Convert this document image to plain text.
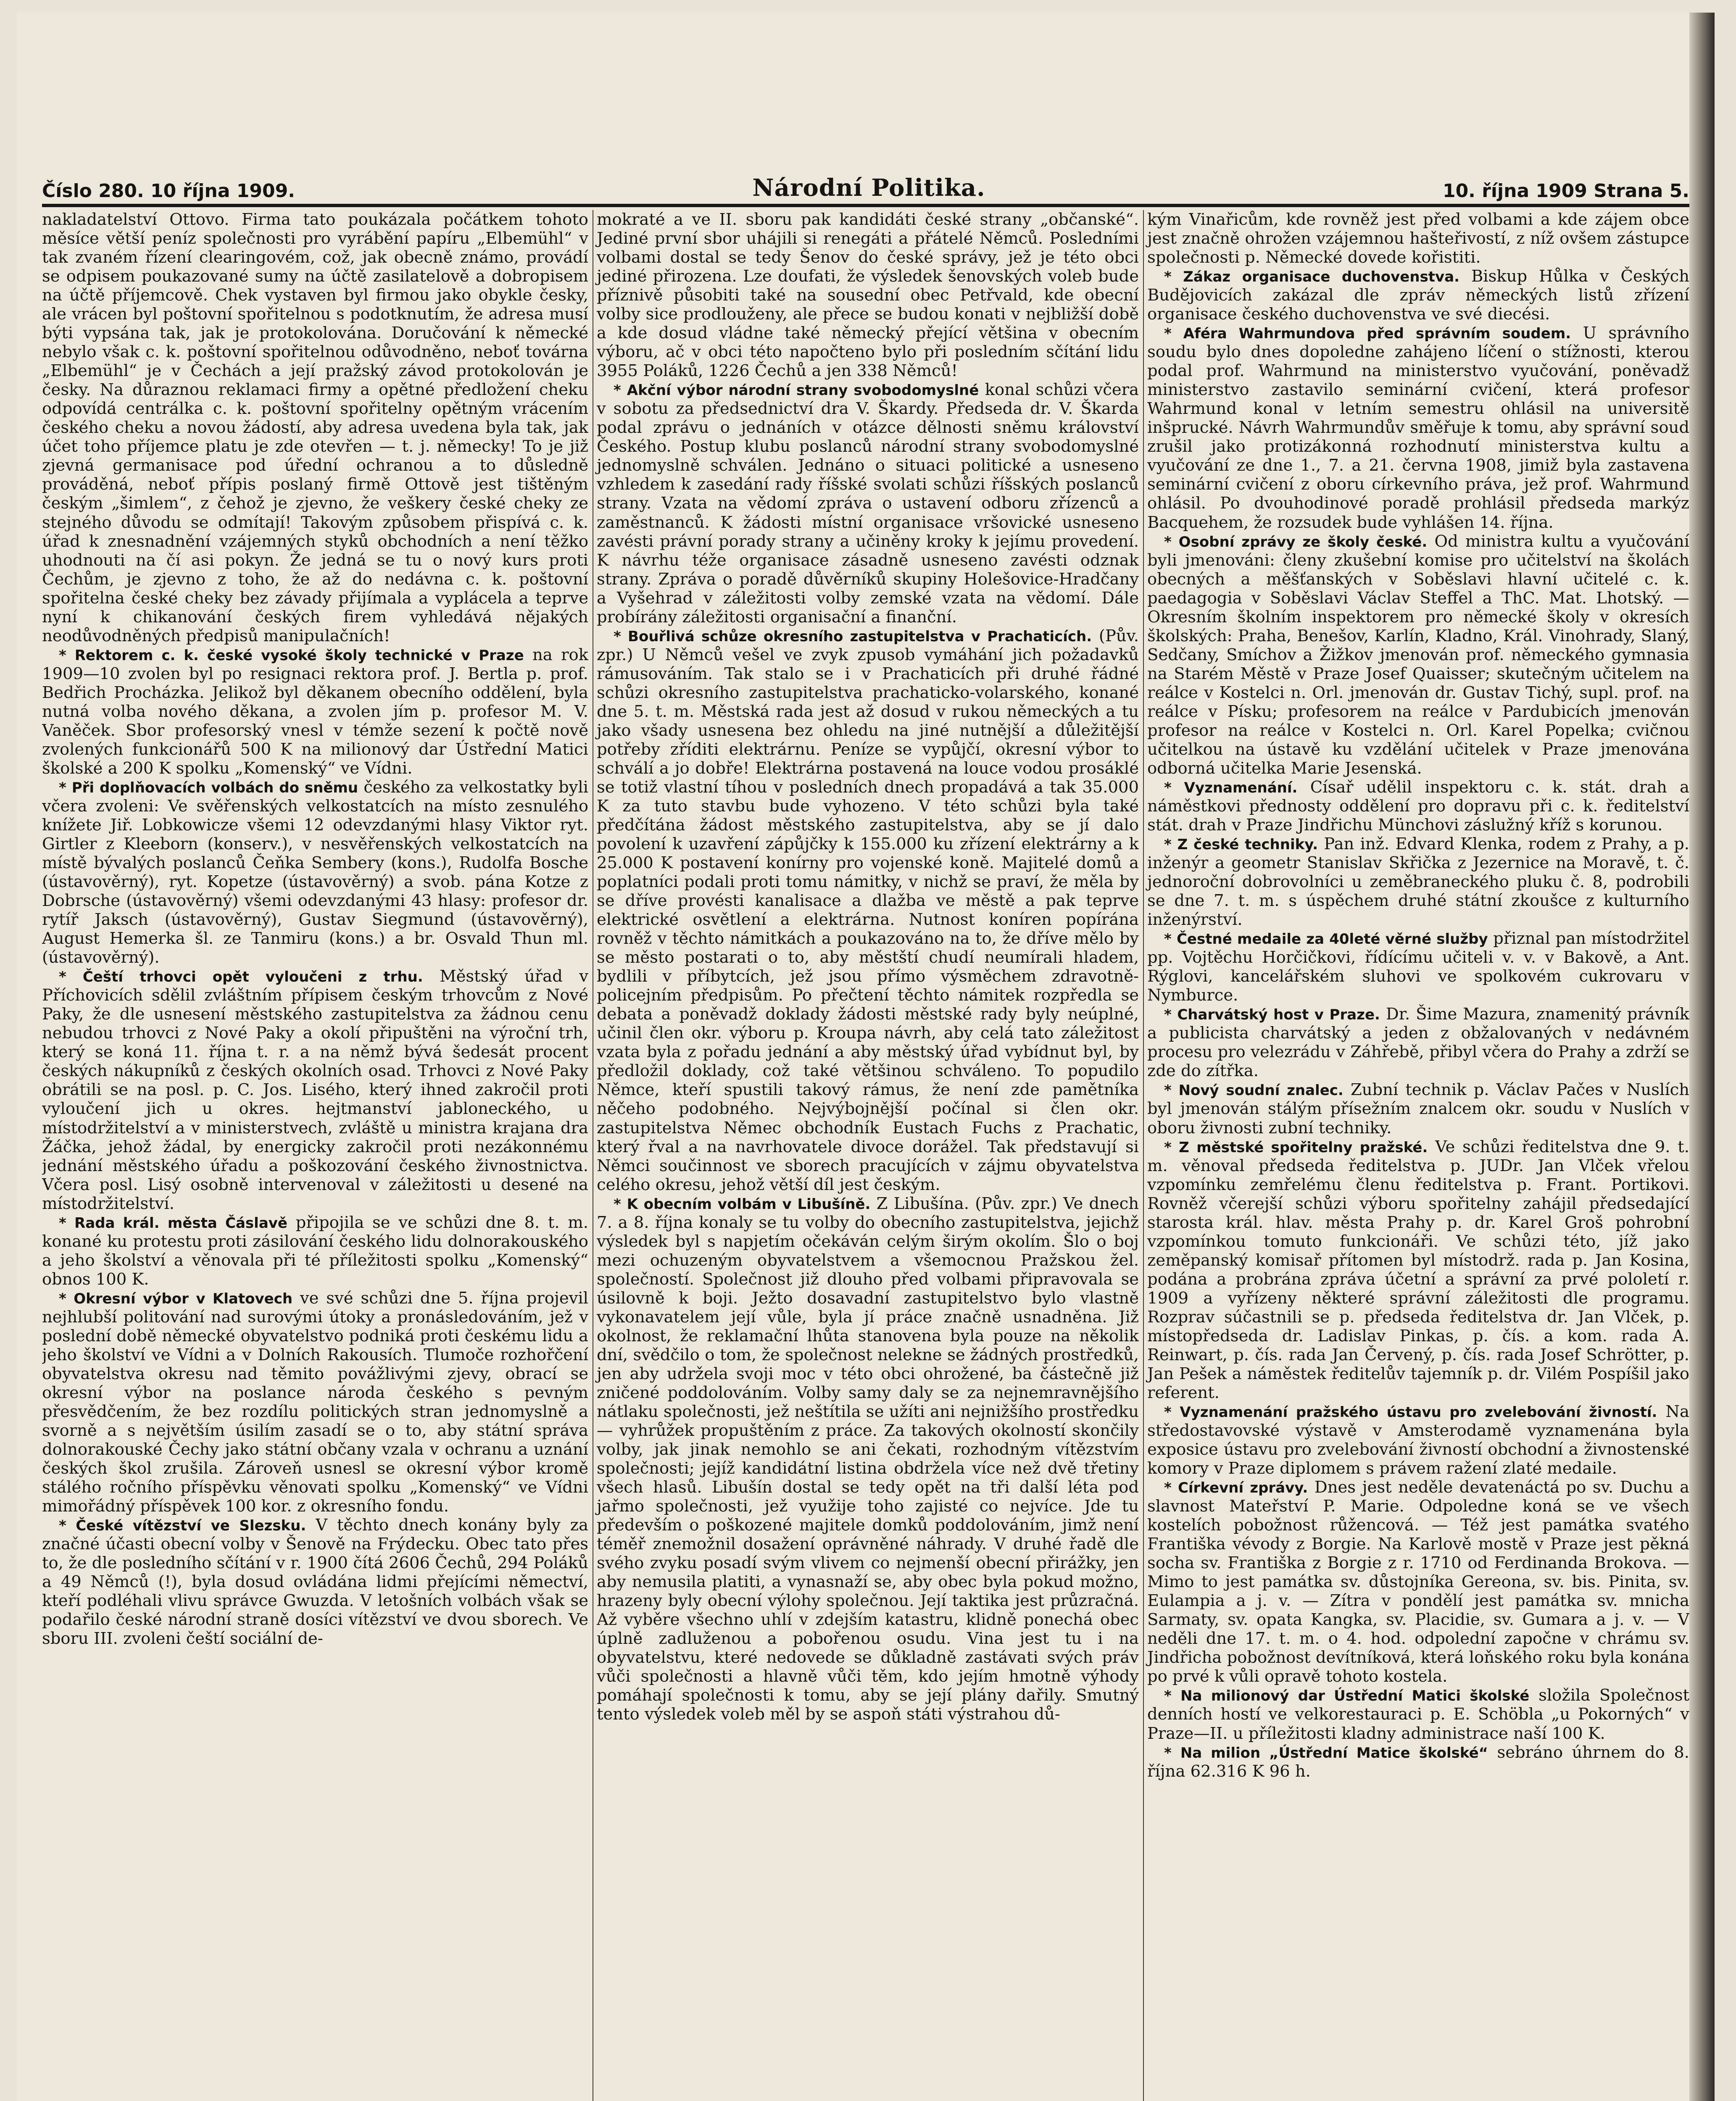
Číslo 280. 10 října 1909.	Národní Politika.	10. října 1909 Strana 5.

nakladatelství Ottovo. Firma tato poukázala počátkem tohoto měsíce větší peníz společnosti pro vyrábění papíru „Elbemühl“ v tak zvaném řízení clearingovém, což, jak obecně známo, provádí se odpisem poukazované sumy na účtě zasilatelově a dobropisem na účtě příjemcově. Chek vystaven byl firmou jako obykle česky, ale vrácen byl poštovní spořitelnou s podotknutím, že adresa musí býti vypsána tak, jak je protokolována. Doručování k německé nebylo však c. k. poštovní spořitelnou odůvodněno, neboť továrna „Elbemühl“ je v Čechách a její pražský závod protokolován je česky. Na důraznou reklamaci firmy a opětné předložení cheku odpovídá centrálka c. k. poštovní spořitelny opětným vrácením českého cheku a novou žádostí, aby adresa uvedena byla tak, jak účet toho příjemce platu je zde otevřen — t. j. německy! To je již zjevná germanisace pod úřední ochranou a to důsledně prováděná, neboť přípis poslaný firmě Ottově jest tištěným českým „šimlem“, z čehož je zjevno, že veškery české cheky ze stejného důvodu se odmítají! Takovým způsobem přispívá c. k. úřad k znesnadnění vzájemných styků obchodních a není těžko uhodnouti na čí asi pokyn. Že jedná se tu o nový kurs proti Čechům, je zjevno z toho, že až do nedávna c. k. poštovní spořitelna české cheky bez závady přijímala a vyplácela a teprve nyní k chikanování českých firem vyhledává nějakých neodůvodněných předpisů manipulačních!

* Rektorem c. k. české vysoké školy technické v Praze na rok 1909—10 zvolen byl po resignaci rektora prof. J. Bertla p. prof. Bedřich Procházka. Jelikož byl děkanem obecního oddělení, byla nutná volba nového děkana, a zvolen jím p. profesor M. V. Vaněček. Sbor profesorský vnesl v témže sezení k počtě nově zvolených funkcionářů 500 K na milionový dar Ústřední Matici školské a 200 K spolku „Komenský“ ve Vídni.

* Při doplňovacích volbách do sněmu českého za velkostatky byli včera zvoleni: Ve svěřenských velkostatcích na místo zesnulého knížete Jiř. Lobkowicze všemi 12 odevzdanými hlasy Viktor ryt. Girtler z Kleeborn (konserv.), v nesvěřenských velkostatcích na místě bývalých poslanců Čeňka Sembery (kons.), Rudolfa Bosche (ústavověrný), ryt. Kopetze (ústavověrný) a svob. pána Kotze z Dobrsche (ústavověrný) všemi odevzdanými 43 hlasy: profesor dr. rytíř Jaksch (ústavověrný), Gustav Siegmund (ústavověrný), August Hemerka šl. ze Tanmiru (kons.) a br. Osvald Thun ml. (ústavověrný).

* Čeští trhovci opět vyloučeni z trhu. Městský úřad v Příchovicích sdělil zvláštním přípisem českým trhovcům z Nové Paky, že dle usnesení městského zastupitelstva za žádnou cenu nebudou trhovci z Nové Paky a okolí připuštěni na výroční trh, který se koná 11. října t. r. a na němž bývá šedesát procent českých nákupníků z českých okolních osad. Trhovci z Nové Paky obrátili se na posl. p. C. Jos. Lisého, který ihned zakročil proti vyloučení jich u okres. hejtmanství jabloneckého, u místodržitelství a v ministerstvech, zvláště u ministra krajana dra Žáčka, jehož žádal, by energicky zakročil proti nezákonnému jednání městského úřadu a poškozování českého živnostnictva. Včera posl. Lisý osobně intervenoval v záležitosti u desené na místodržitelství.

* Rada král. města Čáslavě připojila se ve schůzi dne 8. t. m. konané ku protestu proti zásilování českého lidu dolnorakouského a jeho školství a věnovala při té příležitosti spolku „Komenský“ obnos 100 K.

* Okresní výbor v Klatovech ve své schůzi dne 5. října projevil nejhlubší politování nad surovými útoky a pronásledováním, jež v poslední době německé obyvatelstvo podniká proti českému lidu a jeho školství ve Vídni a v Dolních Rakousích. Tlumoče rozhořčení obyvatelstva okresu nad těmito povážlivými zjevy, obrací se okresní výbor na poslance národa českého s pevným přesvědčením, že bez rozdílu politických stran jednomyslně a svorně a s největším úsilím zasadí se o to, aby státní správa dolnorakouské Čechy jako státní občany vzala v ochranu a uznání českých škol zrušila. Zároveň usnesl se okresní výbor kromě stálého ročního příspěvku věnovati spolku „Komenský“ ve Vídni mimořádný příspěvek 100 kor. z okresního fondu.

* České vítězství ve Slezsku. V těchto dnech konány byly za značné účasti obecní volby v Šenově na Frýdecku. Obec tato přes to, že dle posledního sčítání v r. 1900 čítá 2606 Čechů, 294 Poláků a 49 Němců (!), byla dosud ovládána lidmi přejícími němectví, kteří podléhali vlivu správce Gwuzda. V letošních volbách však se podařilo české národní straně dosíci vítězství ve dvou sborech. Ve sboru III. zvoleni čeští sociální de-

mokraté a ve II. sboru pak kandidáti české strany „občanské“. Jediné první sbor uhájili si renegáti a přátelé Němců. Posledními volbami dostal se tedy Šenov do české správy, jež je této obci jediné přirozena. Lze doufati, že výsledek šenovských voleb bude příznivě působiti také na sousední obec Petřvald, kde obecní volby sice prodlouženy, ale přece se budou konati v nejbližší době a kde dosud vládne také německý přející většina v obecním výboru, ač v obci této napočteno bylo při posledním sčítání lidu 3955 Poláků, 1226 Čechů a jen 338 Němců!

* Akční výbor národní strany svobodomyslné konal schůzi včera v sobotu za předsednictví dra V. Škardy. Předseda dr. V. Škarda podal zprávu o jednáních v otázce dělnosti sněmu království Českého. Postup klubu poslanců národní strany svobodomyslné jednomyslně schválen. Jednáno o situaci politické a usneseno vzhledem k zasedání rady říšské svolati schůzi říšských poslanců strany. Vzata na vědomí zpráva o ustavení odboru zřízenců a zaměstnanců. K žádosti místní organisace vršovické usneseno zavésti právní porady strany a učiněny kroky k jejímu provedení. K návrhu téže organisace zásadně usneseno zavésti odznak strany. Zpráva o poradě důvěrníků skupiny Holešovice-Hradčany a Vyšehrad v záležitosti volby zemské vzata na vědomí. Dále probírány záležitosti organisační a finanční.

* Bouřlivá schůze okresního zastupitelstva v Prachaticích. (Pův. zpr.) U Němců vešel ve zvyk zpusob vymáhání jich požadavků rámusováním. Tak stalo se i v Prachaticích při druhé řádné schůzi okresního zastupitelstva prachaticko-volarského, konané dne 5. t. m. Městská rada jest až dosud v rukou německých a tu jako všady usnesena bez ohledu na jiné nutnější a důležitější potřeby zříditi elektrárnu. Peníze se vypůjčí, okresní výbor to schválí a jo dobře! Elektrárna postavená na louce vodou prosáklé se totiž vlastní tíhou v posledních dnech propadává a tak 35.000 K za tuto stavbu bude vyhozeno. V této schůzi byla také předčítána žádost městského zastupitelstva, aby se jí dalo povolení k uzavření zápůjčky k 155.000 ku zřízení elektrárny a k 25.000 K postavení konírny pro vojenské koně. Majitelé domů a poplatníci podali proti tomu námitky, v nichž se praví, že měla by se dříve provésti kanalisace a dlažba ve městě a pak teprve elektrické osvětlení a elektrárna. Nutnost koníren popírána rovněž v těchto námitkách a poukazováno na to, že dříve mělo by se město postarati o to, aby městští chudí neumírali hladem, bydlili v příbytcích, jež jsou přímo výsměchem zdravotně-policejním předpisům. Po přečtení těchto námitek rozpředla se debata a poněvadž doklady žádosti městské rady byly neúplné, učinil člen okr. výboru p. Kroupa návrh, aby celá tato záležitost vzata byla z pořadu jednání a aby městský úřad vybídnut byl, by předložil doklady, což také většinou schváleno. To popudilo Němce, kteří spustili takový rámus, že není zde pamětníka něčeho podobného. Nejvýbojnější počínal si člen okr. zastupitelstva Němec obchodník Eustach Fuchs z Prachatic, který řval a na navrhovatele divoce dorážel. Tak představují si Němci součinnost ve sborech pracujících v zájmu obyvatelstva celého okresu, jehož větší díl jest českým.

* K obecním volbám v Libušíně. Z Libušína. (Pův. zpr.) Ve dnech 7. a 8. října konaly se tu volby do obecního zastupitelstva, jejichž výsledek byl s napjetím očekáván celým širým okolím. Šlo o boj mezi ochuzeným obyvatelstvem a všemocnou Pražskou žel. společností. Společnost již dlouho před volbami připravovala se úsilovně k boji. Ježto dosavadní zastupitelstvo bylo vlastně vykonavatelem její vůle, byla jí práce značně usnadněna. Již okolnost, že reklamační lhůta stanovena byla pouze na několik dní, svědčilo o tom, že společnost nelekne se žádných prostředků, jen aby udržela svoji moc v této obci ohrožené, ba částečně již zničené poddolováním. Volby samy daly se za nejnemravnějšího nátlaku společnosti, jež neštítila se užíti ani nejnižšího prostředku — vyhrůžek propuštěním z práce. Za takových okolností skončily volby, jak jinak nemohlo se ani čekati, rozhodným vítězstvím společnosti; jejíž kandidátní listina obdržela více než dvě třetiny všech hlasů. Libušín dostal se tedy opět na tři další léta pod jařmo společnosti, jež využije toho zajisté co nejvíce. Jde tu především o poškozené majitele domků poddolováním, jimž není téměř znemožnil dosažení oprávněné náhrady. V druhé řadě dle svého zvyku posadí svým vlivem co nejmenší obecní přirážky, jen aby nemusila platiti, a vynasnaží se, aby obec byla pokud možno, hrazeny byly obecní výlohy společnou. Její taktika jest průzračná. Až vyběre všechno uhlí v zdejším katastru, klidně ponechá obec úplně zadluženou a pobořenou osudu. Vina jest tu i na obyvatelstvu, které nedovede se důkladně zastávati svých práv vůči společnosti a hlavně vůči těm, kdo jejím hmotně výhody pomáhají společnosti k tomu, aby se její plány dařily. Smutný tento výsledek voleb měl by se aspoň státi výstrahou dů-

kým Vinařicům, kde rovněž jest před volbami a kde zájem obce jest značně ohrožen vzájemnou hašteřivostí, z níž ovšem zástupce společnosti p. Německé dovede kořistiti.

* Zákaz organisace duchovenstva. Biskup Hůlka v Českých Budějovicích zakázal dle zpráv německých listů zřízení organisace českého duchovenstva ve své diecési.

* Aféra Wahrmundova před správním soudem. U správního soudu bylo dnes dopoledne zahájeno líčení o stížnosti, kterou podal prof. Wahrmund na ministerstvo vyučování, poněvadž ministerstvo zastavilo seminární cvičení, která profesor Wahrmund konal v letním semestru ohlásil na universitě inšprucké. Návrh Wahrmundův směřuje k tomu, aby správní soud zrušil jako protizákonná rozhodnutí ministerstva kultu a vyučování ze dne 1., 7. a 21. června 1908, jimiž byla zastavena seminární cvičení z oboru církevního práva, jež prof. Wahrmund ohlásil. Po dvouhodinové poradě prohlásil předseda markýz Bacquehem, že rozsudek bude vyhlášen 14. října.

* Osobní zprávy ze školy české. Od ministra kultu a vyučování byli jmenováni: členy zkušební komise pro učitelství na školách obecných a měšťanských v Soběslavi hlavní učitelé c. k. paedagogia v Soběslavi Václav Steffel a ThC. Mat. Lhotský. — Okresním školním inspektorem pro německé školy v okresích školských: Praha, Benešov, Karlín, Kladno, Král. Vinohrady, Slaný, Sedčany, Smíchov a Žižkov jmenován prof. německého gymnasia na Starém Městě v Praze Josef Quaisser; skutečným učitelem na reálce v Kostelci n. Orl. jmenován dr. Gustav Tichý, supl. prof. na reálce v Písku; profesorem na reálce v Pardubicích jmenován profesor na reálce v Kostelci n. Orl. Karel Popelka; cvičnou učitelkou na ústavě ku vzdělání učitelek v Praze jmenována odborná učitelka Marie Jesenská.

* Vyznamenání. Císař udělil inspektoru c. k. stát. drah a náměstkovi přednosty oddělení pro dopravu při c. k. ředitelství stát. drah v Praze Jindřichu Münchovi záslužný kříž s korunou.

* Z české techniky. Pan inž. Edvard Klenka, rodem z Prahy, a p. inženýr a geometr Stanislav Skřička z Jezernice na Moravě, t. č. jednoroční dobrovolníci u zeměbraneckého pluku č. 8, podrobili se dne 7. t. m. s úspěchem druhé státní zkoušce z kulturního inženýrství.

* Čestné medaile za 40leté věrné služby přiznal pan místodržitel pp. Vojtěchu Horčičkovi, řídícímu učiteli v. v. v Bakově, a Ant. Rýglovi, kancelářském sluhovi ve spolkovém cukrovaru v Nymburce.

* Charvátský host v Praze. Dr. Šime Mazura, znamenitý právník a publicista charvátský a jeden z obžalovaných v nedávném procesu pro velezrádu v Záhřebě, přibyl včera do Prahy a zdrží se zde do zítřka.

* Nový soudní znalec. Zubní technik p. Václav Pačes v Nuslích byl jmenován stálým přísežním znalcem okr. soudu v Nuslích v oboru živnosti zubní techniky.

* Z městské spořitelny pražské. Ve schůzi ředitelstva dne 9. t. m. věnoval předseda ředitelstva p. JUDr. Jan Vlček vřelou vzpomínku zemřelému členu ředitelstva p. Frant. Portikovi. Rovněž včerejší schůzi výboru spořitelny zahájil předsedající starosta král. hlav. města Prahy p. dr. Karel Groš pohrobní vzpomínkou tomuto funkcionáři. Ve schůzi této, jíž jako zeměpanský komisař přítomen byl místodrž. rada p. Jan Kosina, podána a probrána zpráva účetní a správní za prvé pololetí r. 1909 a vyřízeny některé správní záležitosti dle programu. Rozprav súčastnili se p. předseda ředitelstva dr. Jan Vlček, p. místopředseda dr. Ladislav Pinkas, p. čís. a kom. rada A. Reinwart, p. čís. rada Jan Červený, p. čís. rada Josef Schrötter, p. Jan Pešek a náměstek ředitelův tajemník p. dr. Vilém Pospíšil jako referent.

* Vyznamenání pražského ústavu pro zvelebování živností. Na středostavovské výstavě v Amsterodamě vyznamenána byla exposice ústavu pro zvelebování živností obchodní a živnostenské komory v Praze diplomem s právem ražení zlaté medaile.

* Církevní zprávy. Dnes jest neděle devatenáctá po sv. Duchu a slavnost Mateřství P. Marie. Odpoledne koná se ve všech kostelích pobožnost růžencová. — Též jest památka svatého Františka vévody z Borgie. Na Karlově mostě v Praze jest pěkná socha sv. Františka z Borgie z r. 1710 od Ferdinanda Brokova. — Mimo to jest památka sv. důstojníka Gereona, sv. bis. Pinita, sv. Eulampia a j. v. — Zítra v pondělí jest památka sv. mnicha Sarmaty, sv. opata Kangka, sv. Placidie, sv. Gumara a j. v. — V neděli dne 17. t. m. o 4. hod. odpolední započne v chrámu sv. Jindřicha pobožnost devítníková, která loňského roku byla konána po prvé k vůli opravě tohoto kostela.

* Na milionový dar Ústřední Matici školské složila Společnost denních hostí ve velkorestauraci p. E. Schöbla „u Pokorných“ v Praze—II. u příležitosti kladny administrace naší 100 K.

* Na milion „Ústřední Matice školské“ sebráno úhrnem do 8. října 62.316 K 96 h.
